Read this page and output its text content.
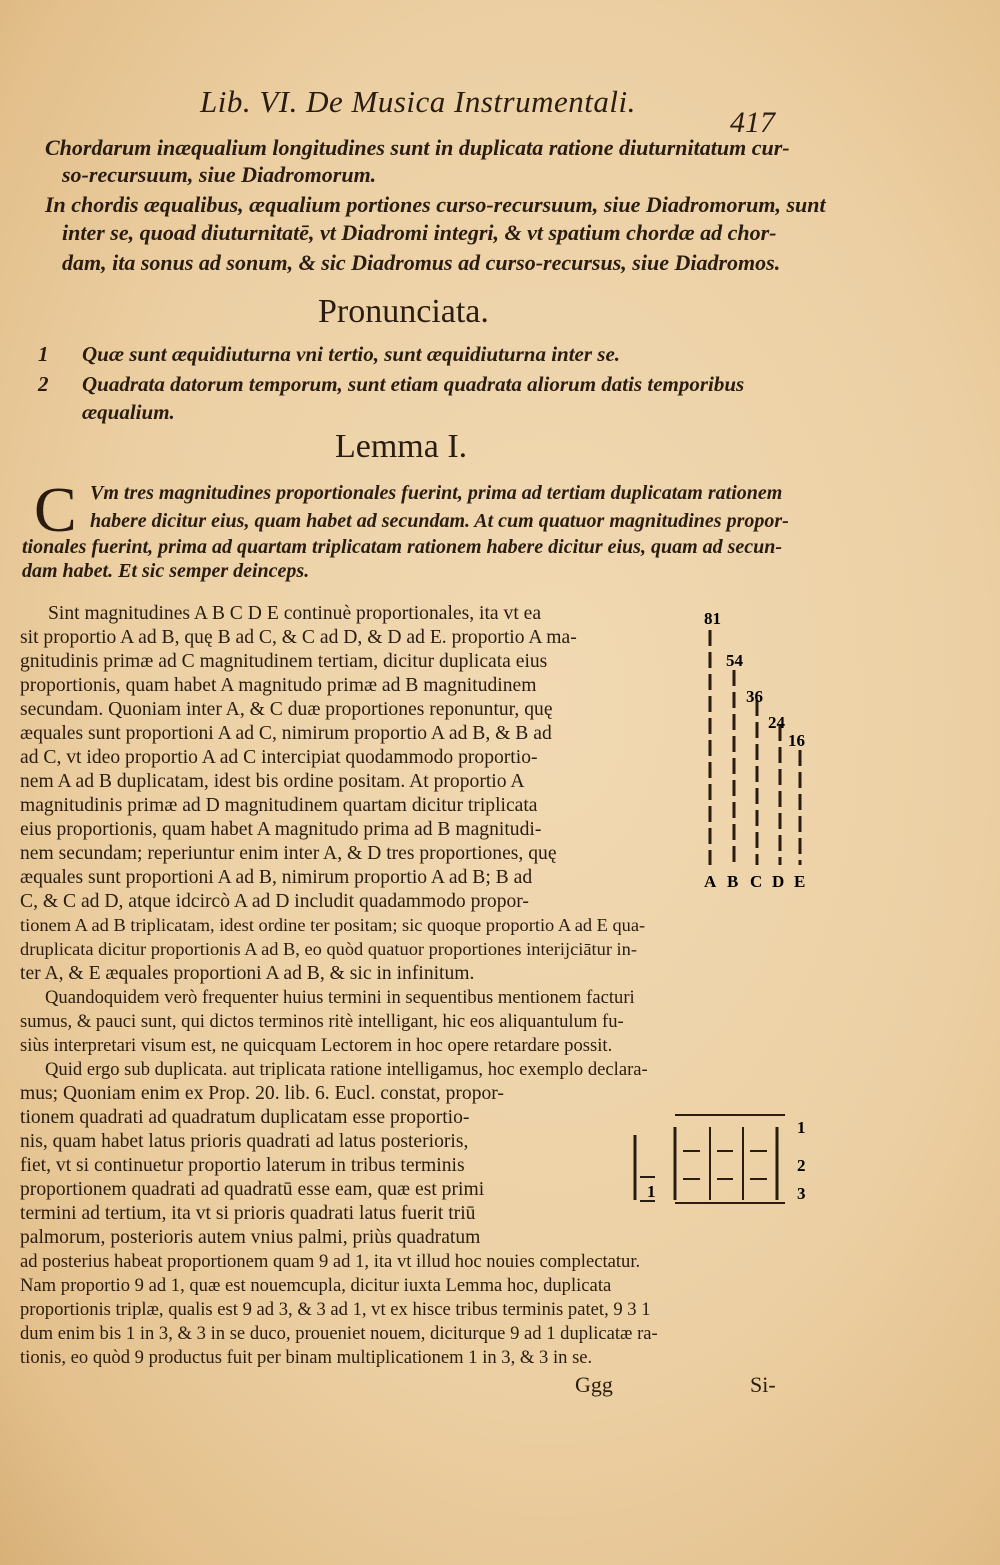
Lib. VI. De Musica Instrumentali.
417
Chordarum inæqualium longitudines sunt in duplicata ratione diuturnitatum cur-
so-recursuum, siue Diadromorum.
In chordis æqualibus, æqualium portiones curso-recursuum, siue Diadromorum, sunt
inter se, quoad diuturnitatē, vt Diadromi integri, & vt spatium chordæ ad chor-
dam, ita sonus ad sonum, & sic Diadromus ad curso-recursus, siue Diadromos.
Pronunciata.
1 Quæ sunt æquidiuturna vni tertio, sunt æquidiuturna inter se.
2 Quadrata datorum temporum, sunt etiam quadrata aliorum datis temporibus
æqualium.
Lemma I.
C Vm tres magnitudines proportionales fuerint, prima ad tertiam duplicatam rationem
habere dicitur eius, quam habet ad secundam. At cum quatuor magnitudines propor-
tionales fuerint, prima ad quartam triplicatam rationem habere dicitur eius, quam ad secun-
dam habet. Et sic semper deinceps.
Sint magnitudines A B C D E continuè proportionales, ita vt ea
sit proportio A ad B, quę B ad C, & C ad D, & D ad E. proportio A ma-
gnitudinis primæ ad C magnitudinem tertiam, dicitur duplicata eius
proportionis, quam habet A magnitudo primæ ad B magnitudinem
secundam. Quoniam inter A, & C duæ proportiones reponuntur, quę
æquales sunt proportioni A ad C, nimirum proportio A ad B, & B ad
ad C, vt ideo proportio A ad C intercipiat quodammodo proportio-
nem A ad B duplicatam, idest bis ordine positam. At proportio A
magnitudinis primæ ad D magnitudinem quartam dicitur triplicata
eius proportionis, quam habet A magnitudo prima ad B magnitudi-
nem secundam; reperiuntur enim inter A, & D tres proportiones, quę
æquales sunt proportioni A ad B, nimirum proportio A ad B; B ad
C, & C ad D, atque idcircò A ad D includit quadammodo propor-
tionem A ad B triplicatam, idest ordine ter positam; sic quoque proportio A ad E qua-
druplicata dicitur proportionis A ad B, eo quòd quatuor proportiones interijciātur in-
ter A, & E æquales proportioni A ad B, & sic in infinitum.
Quandoquidem verò frequenter huius termini in sequentibus mentionem facturi
sumus, & pauci sunt, qui dictos terminos ritè intelligant, hic eos aliquantulum fu-
siùs interpretari visum est, ne quicquam Lectorem in hoc opere retardare possit.
Quid ergo sub duplicata. aut triplicata ratione intelligamus, hoc exemplo declara-
mus; Quoniam enim ex Prop. 20. lib. 6. Eucl. constat, propor-
tionem quadrati ad quadratum duplicatam esse proportio-
nis, quam habet latus prioris quadrati ad latus posterioris,
fiet, vt si continuetur proportio laterum in tribus terminis
proportionem quadrati ad quadratū esse eam, quæ est primi
termini ad tertium, ita vt si prioris quadrati latus fuerit triū
palmorum, posterioris autem vnius palmi, priùs quadratum
ad posterius habeat proportionem quam 9 ad 1, ita vt illud hoc nouies complectatur.
Nam proportio 9 ad 1, quæ est nouemcupla, dicitur iuxta Lemma hoc, duplicata
proportionis triplæ, qualis est 9 ad 3, & 3 ad 1, vt ex hisce tribus terminis patet, 9 3 1
dum enim bis 1 in 3, & 3 in se duco, proueniet nouem, diciturque 9 ad 1 duplicatæ ra-
tionis, eo quòd 9 productus fuit per binam multiplicationem 1 in 3, & 3 in se.
81
54
36
24
16
A B C D E
1
1
2
3
Ggg	Si-
